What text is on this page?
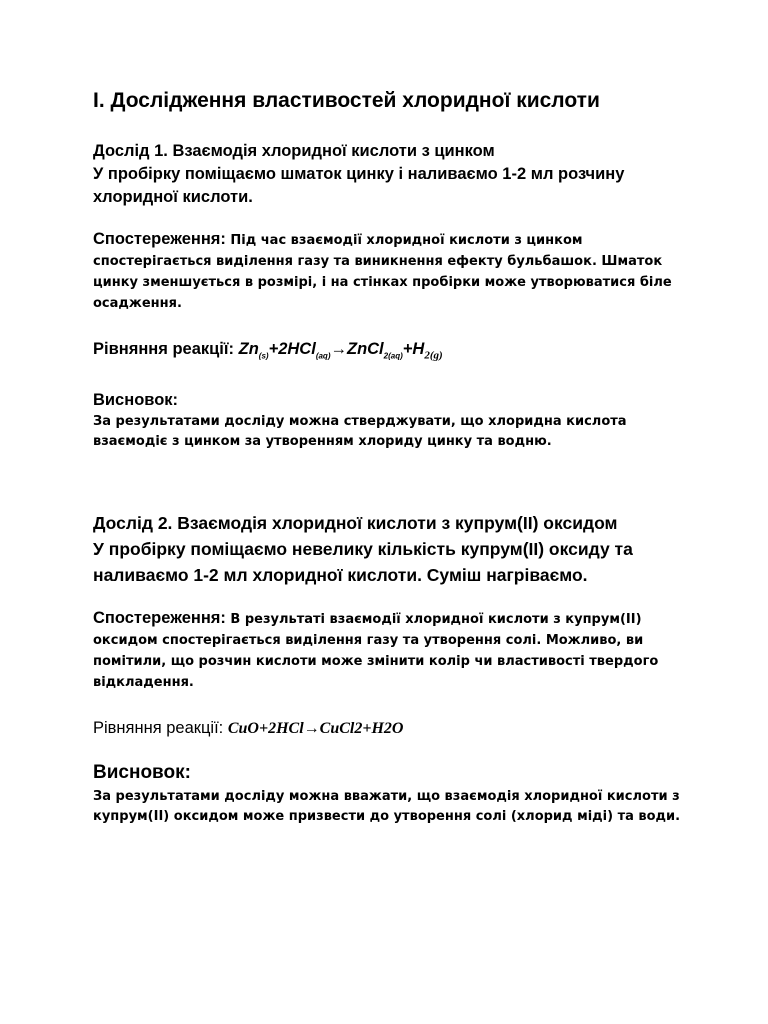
I. Дослідження властивостей хлоридної кислоти
Дослід 1. Взаємодія хлоридної кислоти з цинком
У пробірку поміщаємо шматок цинку і наливаємо 1-2 мл розчину
хлоридної кислоти.
Спостереження: Під час взаємодії хлоридної кислоти з цинком спостерігається виділення газу та виникнення ефекту бульбашок. Шматок цинку зменшується в розмірі, і на стінках пробірки може утворюватися біле осадження.
Рівняння реакції: $Zn_{(s)}+2HCl_{(aq)}\to ZnCl_{2(aq)}+H_{2(g)}$
Висновок:
За результатами досліду можна стверджувати, що хлоридна кислота взаємодіє з цинком за утворенням хлориду цинку та водню.
Дослід 2. Взаємодія хлоридної кислоти з купрум(II) оксидом
У пробірку поміщаємо невелику кількість купрум(II) оксиду та
наливаємо 1-2 мл хлоридної кислоти. Суміш нагріваємо.
Спостереження: В результаті взаємодії хлоридної кислоти з купрум(II) оксидом спостерігається виділення газу та утворення солі. Можливо, ви помітили, що розчин кислоти може змінити колір чи властивості твердого відкладення.
Рівняння реакції: CuO+2HCl→CuCl2+H2O
Висновок:
За результатами досліду можна вважати, що взаємодія хлоридної кислоти з купрум(II) оксидом може призвести до утворення солі (хлорид міді) та води.
